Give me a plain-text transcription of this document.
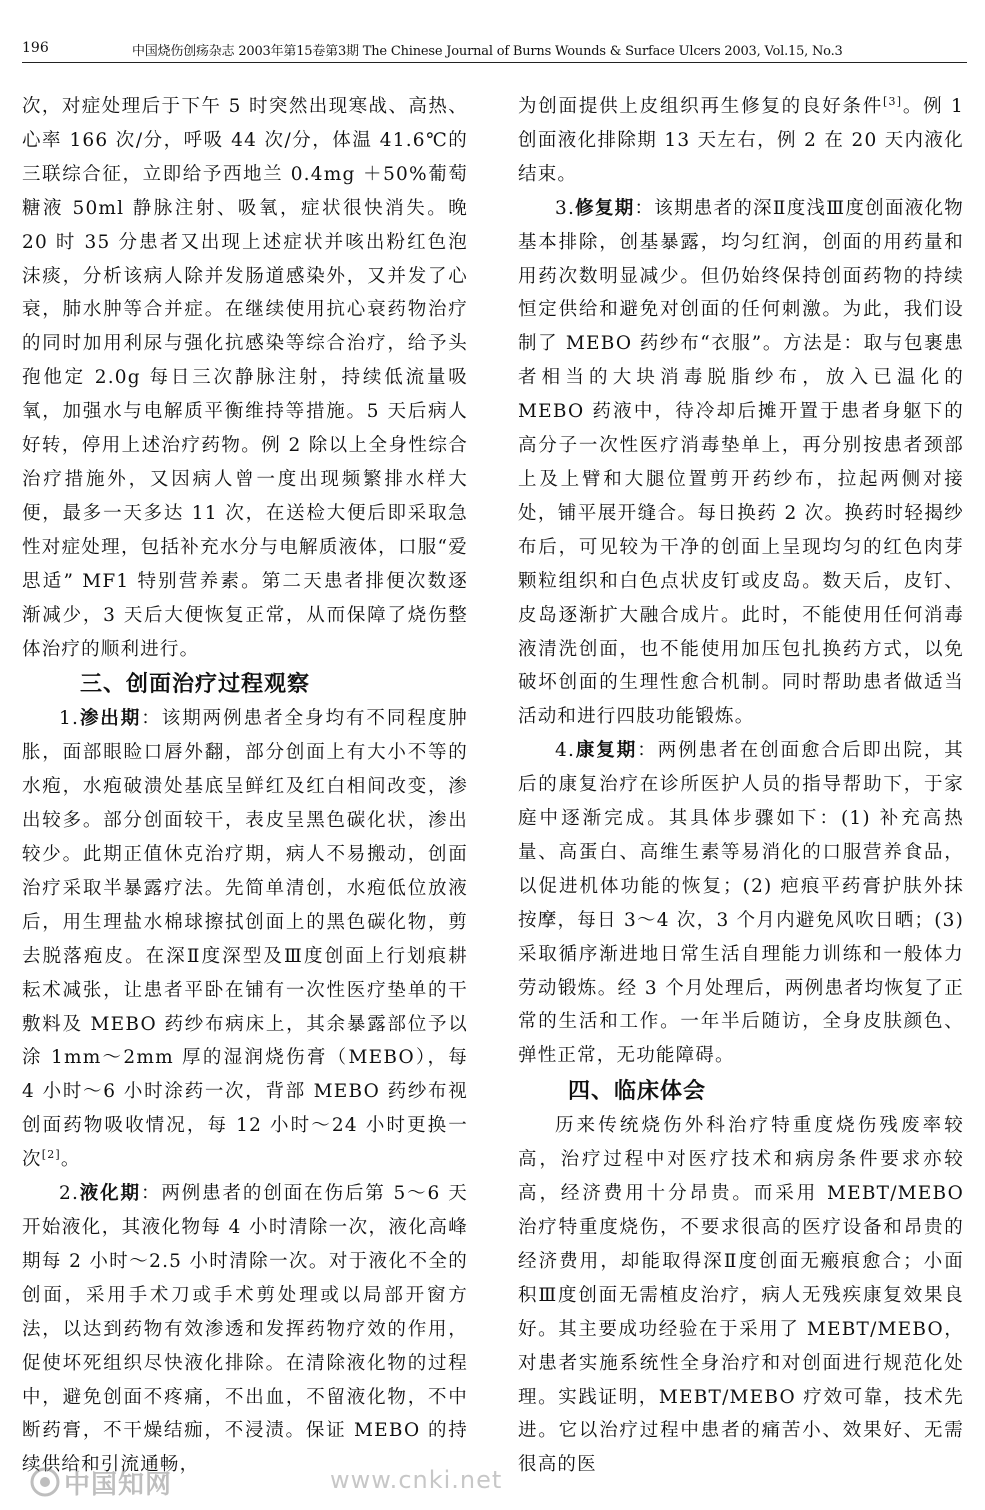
196	中国烧伤创疡杂志 2003年第15卷第3期 The Chinese Journal of Burns Wounds & Surface Ulcers 2003, Vol.15, No.3

次，对症处理后于下午 5 时突然出现寒战、高热、心率 166 次/分，呼吸 44 次/分，体温 41.6℃的三联综合征，立即给予西地兰 0.4mg ＋50%葡萄糖液 50ml 静脉注射、吸氧，症状很快消失。晚 20 时 35 分患者又出现上述症状并咳出粉红色泡沫痰，分析该病人除并发肠道感染外，又并发了心衰，肺水肿等合并症。在继续使用抗心衰药物治疗的同时加用利尿与强化抗感染等综合治疗，给予头孢他定 2.0g 每日三次静脉注射，持续低流量吸氧，加强水与电解质平衡维持等措施。5 天后病人好转，停用上述治疗药物。例 2 除以上全身性综合治疗措施外，又因病人曾一度出现频繁排水样大便，最多一天多达 11 次，在送检大便后即采取急性对症处理，包括补充水分与电解质液体，口服“爱思适” MF1 特别营养素。第二天患者排便次数逐渐减少，3 天后大便恢复正常，从而保障了烧伤整体治疗的顺利进行。

三、创面治疗过程观察

1.渗出期：该期两例患者全身均有不同程度肿胀，面部眼睑口唇外翻，部分创面上有大小不等的水疱，水疱破溃处基底呈鲜红及红白相间改变，渗出较多。部分创面较干，表皮呈黑色碳化状，渗出较少。此期正值休克治疗期，病人不易搬动，创面治疗采取半暴露疗法。先简单清创，水疱低位放液后，用生理盐水棉球擦拭创面上的黑色碳化物，剪去脱落疱皮。在深Ⅱ度深型及Ⅲ度创面上行划痕耕耘术减张，让患者平卧在铺有一次性医疗垫单的干敷料及 MEBO 药纱布病床上，其余暴露部位予以涂 1mm～2mm 厚的湿润烧伤膏（MEBO），每 4 小时～6 小时涂药一次，背部 MEBO 药纱布视创面药物吸收情况，每 12 小时～24 小时更换一次[2]。

2.液化期：两例患者的创面在伤后第 5～6 天开始液化，其液化物每 4 小时清除一次，液化高峰期每 2 小时～2.5 小时清除一次。对于液化不全的创面，采用手术刀或手术剪处理或以局部开窗方法，以达到药物有效渗透和发挥药物疗效的作用，促使坏死组织尽快液化排除。在清除液化物的过程中，避免创面不疼痛，不出血，不留液化物，不中断药膏，不干燥结痂，不浸渍。保证 MEBO 的持续供给和引流通畅，

为创面提供上皮组织再生修复的良好条件[3]。例 1 创面液化排除期 13 天左右，例 2 在 20 天内液化结束。

3.修复期：该期患者的深Ⅱ度浅Ⅲ度创面液化物基本排除，创基暴露，均匀红润，创面的用药量和用药次数明显减少。但仍始终保持创面药物的持续恒定供给和避免对创面的任何刺激。为此，我们设制了 MEBO 药纱布“衣服”。方法是：取与包裹患者相当的大块消毒脱脂纱布，放入已温化的 MEBO 药液中，待冷却后摊开置于患者身躯下的高分子一次性医疗消毒垫单上，再分别按患者颈部上及上臂和大腿位置剪开药纱布，拉起两侧对接处，铺平展开缝合。每日换药 2 次。换药时轻揭纱布后，可见较为干净的创面上呈现均匀的红色肉芽颗粒组织和白色点状皮钉或皮岛。数天后，皮钉、皮岛逐渐扩大融合成片。此时，不能使用任何消毒液清洗创面，也不能使用加压包扎换药方式，以免破坏创面的生理性愈合机制。同时帮助患者做适当活动和进行四肢功能锻炼。

4.康复期：两例患者在创面愈合后即出院，其后的康复治疗在诊所医护人员的指导帮助下，于家庭中逐渐完成。其具体步骤如下：(1) 补充高热量、高蛋白、高维生素等易消化的口服营养食品，以促进机体功能的恢复；(2) 疤痕平药膏护肤外抹按摩，每日 3～4 次，3 个月内避免风吹日晒；(3) 采取循序渐进地日常生活自理能力训练和一般体力劳动锻炼。经 3 个月处理后，两例患者均恢复了正常的生活和工作。一年半后随访，全身皮肤颜色、弹性正常，无功能障碍。

四、临床体会

历来传统烧伤外科治疗特重度烧伤残废率较高，治疗过程中对医疗技术和病房条件要求亦较高，经济费用十分昂贵。而采用 MEBT/MEBO 治疗特重度烧伤，不要求很高的医疗设备和昂贵的经济费用，却能取得深Ⅱ度创面无瘢痕愈合；小面积Ⅲ度创面无需植皮治疗，病人无残疾康复效果良好。其主要成功经验在于采用了 MEBT/MEBO，对患者实施系统性全身治疗和对创面进行规范化处理。实践证明，MEBT/MEBO 疗效可靠，技术先进。它以治疗过程中患者的痛苦小、效果好、无需很高的医

中国知网	www.cnki.net
